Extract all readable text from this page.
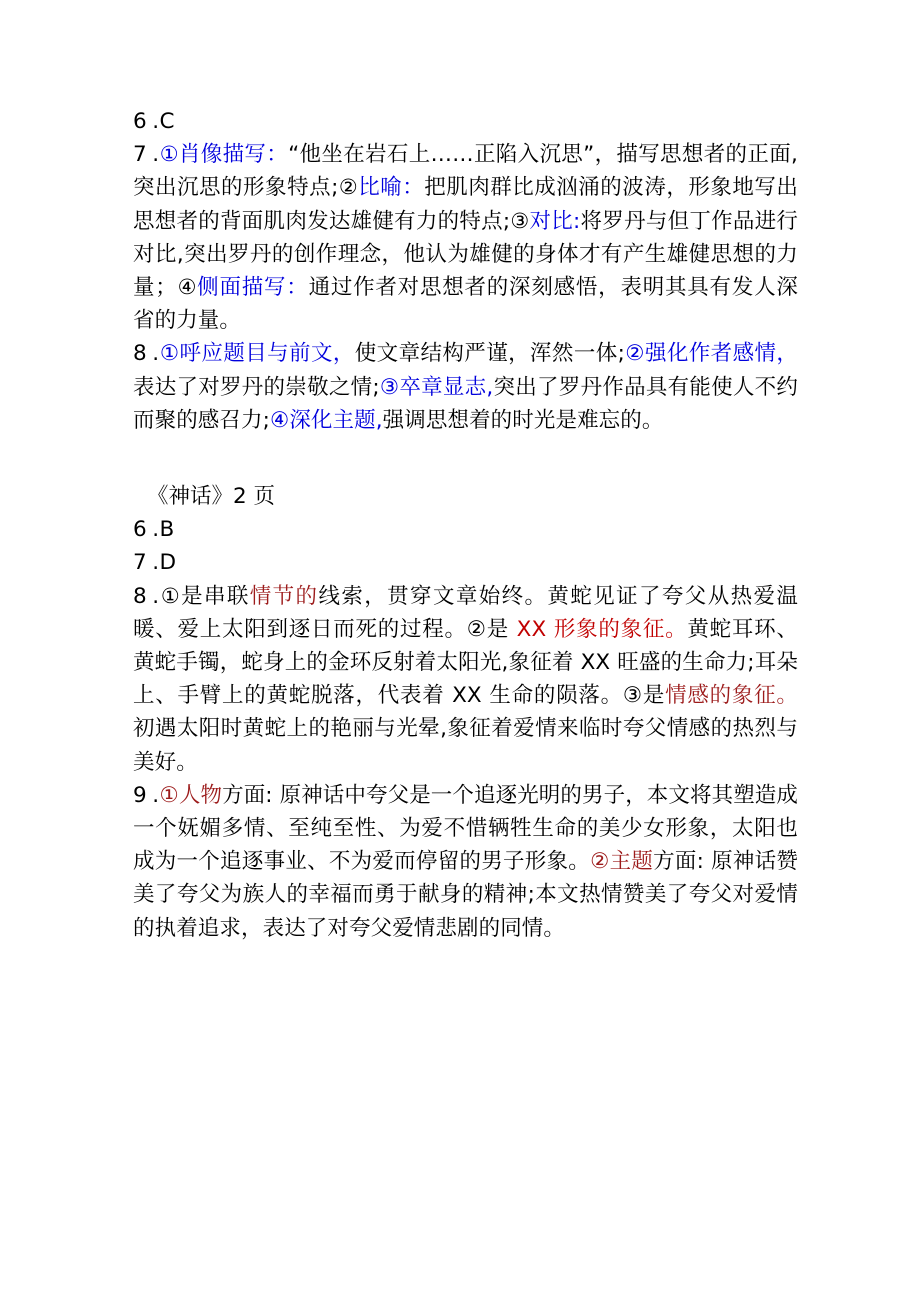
6 .C

7 .①肖像描写：“他坐在岩石上……正陷入沉思”，描写思想者的正面,突出沉思的形象特点;②比喻：把肌肉群比成汹涌的波涛，形象地写出思想者的背面肌肉发达雄健有力的特点;③对比:将罗丹与但丁作品进行对比,突出罗丹的创作理念，他认为雄健的身体才有产生雄健思想的力量；④侧面描写：通过作者对思想者的深刻感悟，表明其具有发人深省的力量。

8 .①呼应题目与前文，使文章结构严谨，浑然一体;②强化作者感情，表达了对罗丹的崇敬之情;③卒章显志,突出了罗丹作品具有能使人不约而聚的感召力;④深化主题,强调思想着的时光是难忘的。

《神话》2 页

6 .B

7 .D

8 .①是串联情节的线索，贯穿文章始终。黄蛇见证了夸父从热爱温暖、爱上太阳到逐日而死的过程。②是 XX 形象的象征。黄蛇耳环、黄蛇手镯，蛇身上的金环反射着太阳光,象征着 XX 旺盛的生命力;耳朵上、手臂上的黄蛇脱落，代表着 XX 生命的陨落。③是情感的象征。初遇太阳时黄蛇上的艳丽与光晕,象征着爱情来临时夸父情感的热烈与美好。

9 .①人物方面: 原神话中夸父是一个追逐光明的男子，本文将其塑造成一个妩媚多情、至纯至性、为爱不惜辆牲生命的美少女形象，太阳也成为一个追逐事业、不为爱而停留的男子形象。②主题方面: 原神话赞美了夸父为族人的幸福而勇于献身的精神;本文热情赞美了夸父对爱情的执着追求，表达了对夸父爱情悲剧的同情。
